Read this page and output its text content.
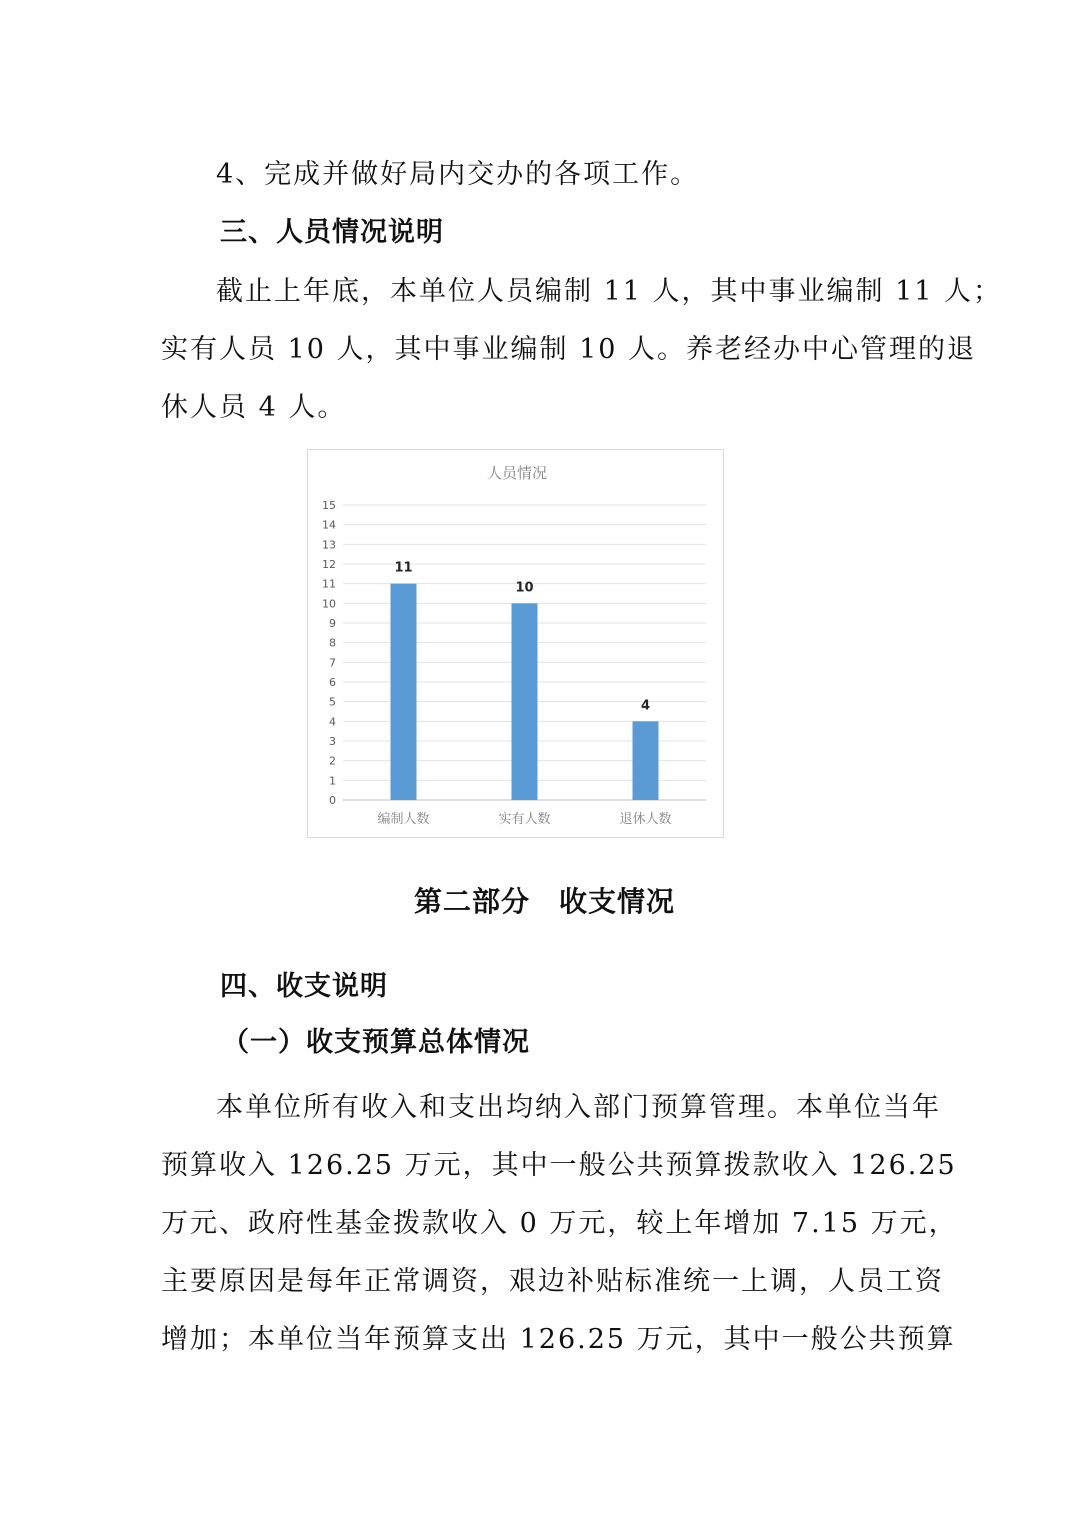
4、完成并做好局内交办的各项工作。
三、人员情况说明
截止上年底，本单位人员编制 11 人，其中事业编制 11 人；
实有人员 10 人，其中事业编制 10 人。养老经办中心管理的退
休人员 4 人。
人员情况
0
1
2
3
4
5
6
7
8
9
10
11
12
13
14
15
11
编制人数
10
实有人数
4
退休人数
第二部分　收支情况
四、收支说明
（一）收支预算总体情况
本单位所有收入和支出均纳入部门预算管理。本单位当年
预算收入 126.25 万元，其中一般公共预算拨款收入 126.25
万元、政府性基金拨款收入 0 万元，较上年增加 7.15 万元，
主要原因是每年正常调资，艰边补贴标准统一上调，人员工资
增加；本单位当年预算支出 126.25 万元，其中一般公共预算
